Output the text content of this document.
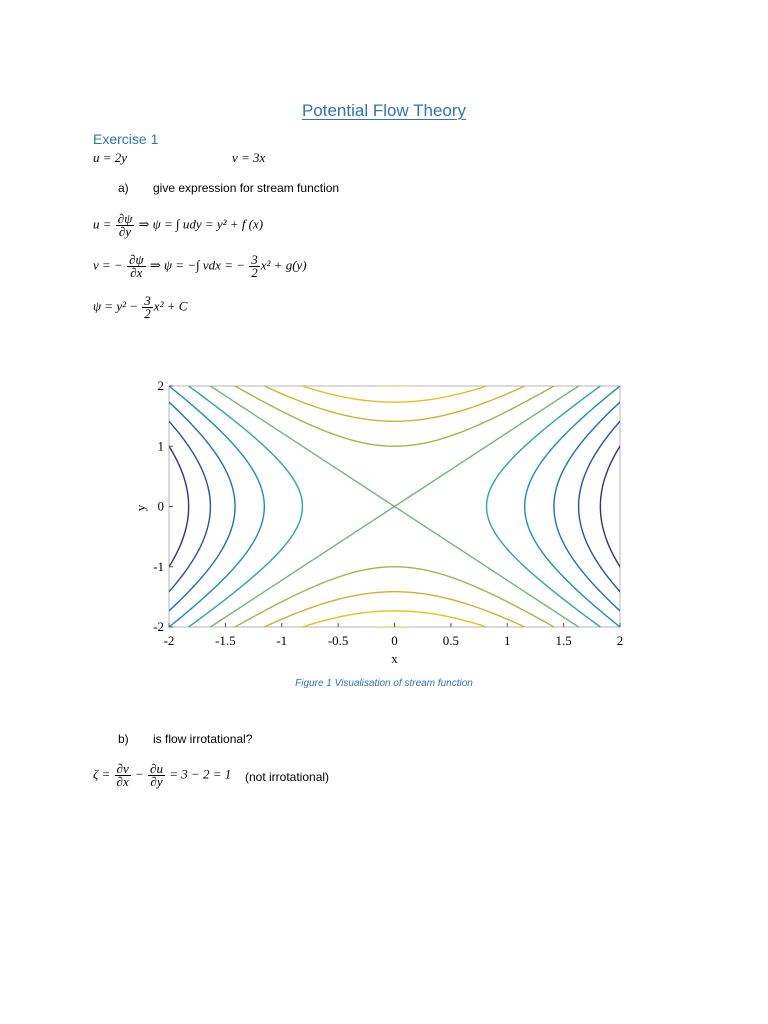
Potential Flow Theory
Exercise 1
u = 2y	v = 3x
a) give expression for stream function
$u = \frac{\partial\psi}{\partial y}$ ⇒ ψ = ∫ udy = y² + f (x)
v = − $\frac{\partial\psi}{\partial x}$ ⇒ ψ = −∫ vdx = − $\frac{3}{2} x^2 + g(y)$
$\psi = y^2 - \frac{3}{2} x^2 + C$
-2	-1.5	-1	-0.5	0	0.5	1	1.5	2
2
1
0
-1
-2
x
y
Figure 1 Visualisation of stream function
b) is flow irrotational?
$\zeta = \frac{\partial v}{\partial x} - \frac{\partial u}{\partial y} = 3 - 2 = 1$ (not irrotational)
